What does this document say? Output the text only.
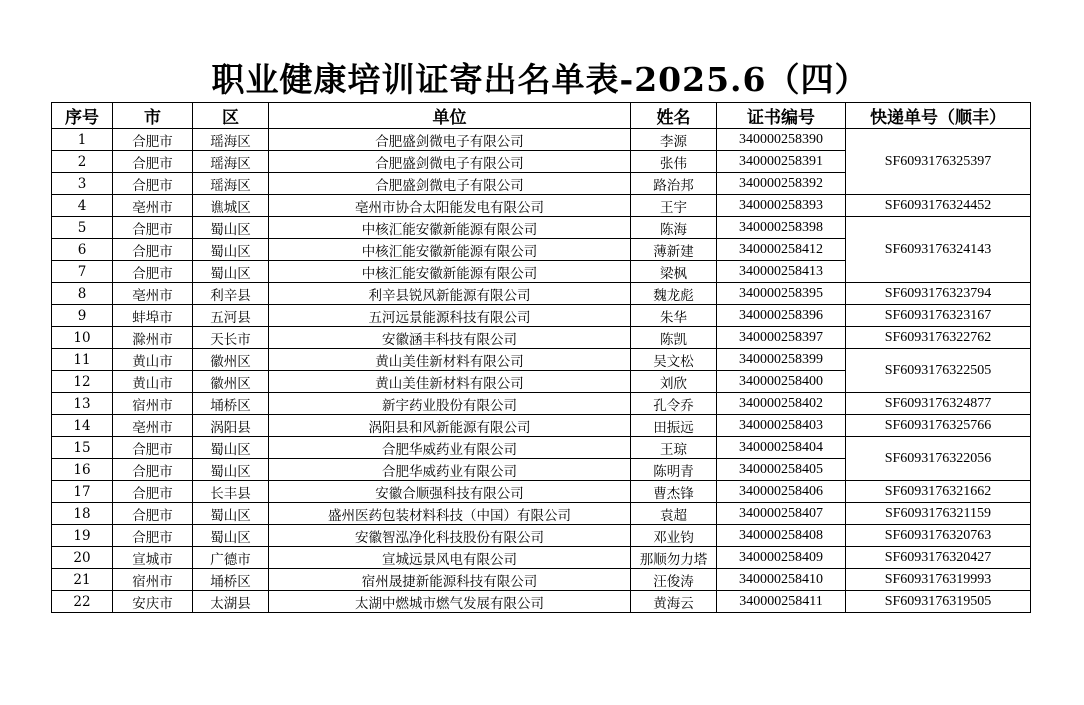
职业健康培训证寄出名单表-2025.6（四）
序号	市	区	单位	姓名	证书编号	快递单号（顺丰）
1	合肥市	瑶海区	合肥盛剑微电子有限公司	李源	340000258390	SF6093176325397
2	合肥市	瑶海区	合肥盛剑微电子有限公司	张伟	340000258391	
3	合肥市	瑶海区	合肥盛剑微电子有限公司	路治邦	340000258392	
4	亳州市	谯城区	亳州市协合太阳能发电有限公司	王宇	340000258393	SF6093176324452
5	合肥市	蜀山区	中核汇能安徽新能源有限公司	陈海	340000258398	SF6093176324143
6	合肥市	蜀山区	中核汇能安徽新能源有限公司	薄新建	340000258412	
7	合肥市	蜀山区	中核汇能安徽新能源有限公司	梁枫	340000258413	
8	亳州市	利辛县	利辛县锐风新能源有限公司	魏龙彪	340000258395	SF6093176323794
9	蚌埠市	五河县	五河远景能源科技有限公司	朱华	340000258396	SF6093176323167
10	滁州市	天长市	安徽涵丰科技有限公司	陈凯	340000258397	SF6093176322762
11	黄山市	徽州区	黄山美佳新材料有限公司	吴文松	340000258399	SF6093176322505
12	黄山市	徽州区	黄山美佳新材料有限公司	刘欣	340000258400	
13	宿州市	埇桥区	新宇药业股份有限公司	孔令乔	340000258402	SF6093176324877
14	亳州市	涡阳县	涡阳县和风新能源有限公司	田振远	340000258403	SF6093176325766
15	合肥市	蜀山区	合肥华威药业有限公司	王琼	340000258404	SF6093176322056
16	合肥市	蜀山区	合肥华威药业有限公司	陈明青	340000258405	
17	合肥市	长丰县	安徽合顺强科技有限公司	曹杰锋	340000258406	SF6093176321662
18	合肥市	蜀山区	盛州医药包装材料科技（中国）有限公司	袁超	340000258407	SF6093176321159
19	合肥市	蜀山区	安徽智泓净化科技股份有限公司	邓业钧	340000258408	SF6093176320763
20	宣城市	广德市	宣城远景风电有限公司	那顺勿力塔	340000258409	SF6093176320427
21	宿州市	埇桥区	宿州晟捷新能源科技有限公司	汪俊涛	340000258410	SF6093176319993
22	安庆市	太湖县	太湖中燃城市燃气发展有限公司	黄海云	340000258411	SF6093176319505
